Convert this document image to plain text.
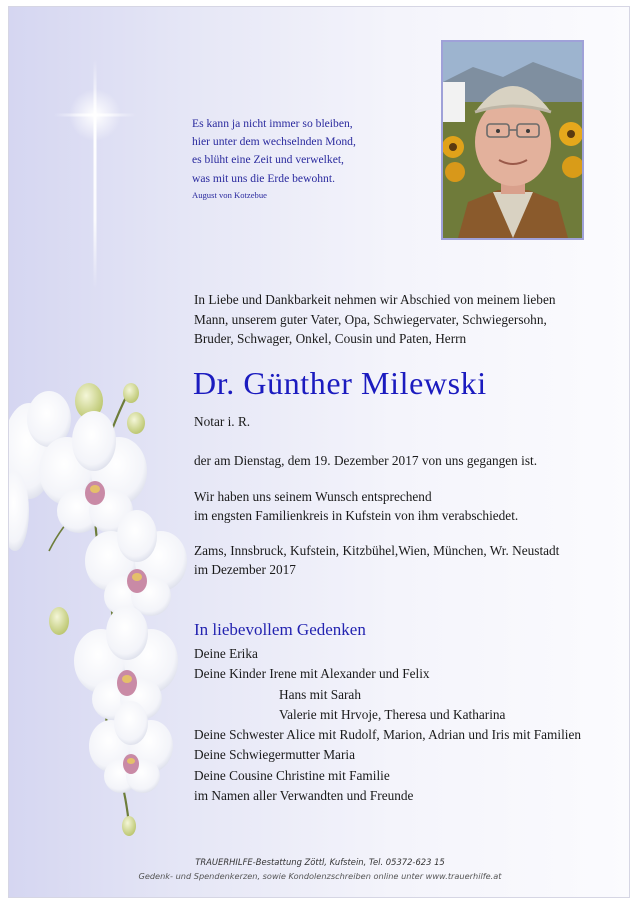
Es kann ja nicht immer so bleiben,
hier unter dem wechselnden Mond,
es blüht eine Zeit und verwelket,
was mit uns die Erde bewohnt.
August von Kotzebue
In Liebe und Dankbarkeit nehmen wir Abschied von meinem lieben
Mann, unserem guter Vater, Opa, Schwiegervater, Schwiegersohn,
Bruder, Schwager, Onkel, Cousin und Paten, Herrn
Dr. Günther Milewski
Notar i. R.
der am Dienstag, dem 19. Dezember 2017 von uns gegangen ist.
Wir haben uns seinem Wunsch entsprechend
im engsten Familienkreis in Kufstein von ihm verabschiedet.
Zams, Innsbruck, Kufstein, Kitzbühel,Wien, München, Wr. Neustadt
im Dezember 2017
In liebevollem Gedenken
Deine Erika
Deine Kinder Irene mit Alexander und Felix
Hans mit Sarah
Valerie mit Hrvoje, Theresa und Katharina
Deine Schwester Alice mit Rudolf, Marion, Adrian und Iris mit Familien
Deine Schwiegermutter Maria
Deine Cousine Christine mit Familie
im Namen aller Verwandten und Freunde
TRAUERHILFE-Bestattung Zöttl, Kufstein, Tel. 05372-623 15
Gedenk- und Spendenkerzen, sowie Kondolenzschreiben online unter www.trauerhilfe.at
